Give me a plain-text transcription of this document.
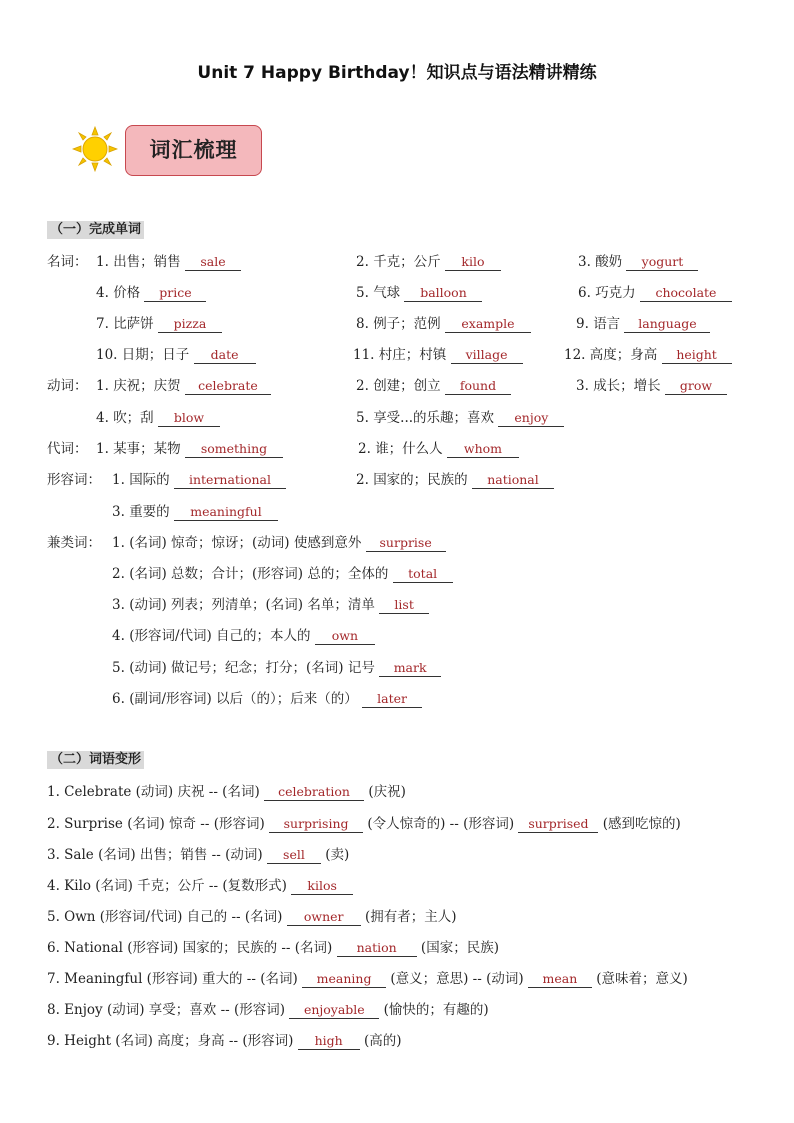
Unit 7 Happy Birthday！知识点与语法精讲精练
词汇梳理
（一）完成单词
名词： 1. 出售；销售 sale	2. 千克；公斤 kilo	3. 酸奶 yogurt
4. 价格 price	5. 气球 balloon	6. 巧克力 chocolate
7. 比萨饼 pizza	8. 例子；范例 example	9. 语言 language
10. 日期；日子 date	11. 村庄；村镇 village	12. 高度；身高 height
动词： 1. 庆祝；庆贺 celebrate	2. 创建；创立 found	3. 成长；增长 grow
4. 吹；刮 blow	5. 享受...的乐趣；喜欢 enjoy
代词： 1. 某事；某物 something	2. 谁；什么人 whom
形容词： 1. 国际的 international	2. 国家的；民族的 national
3. 重要的 meaningful
兼类词： 1. (名词) 惊奇；惊讶；(动词) 使感到意外 surprise
2. (名词) 总数；合计；(形容词) 总的；全体的 total
3. (动词) 列表；列清单；(名词) 名单；清单 list
4. (形容词/代词) 自己的；本人的 own
5. (动词) 做记号；纪念；打分；(名词) 记号 mark
6. (副词/形容词) 以后（的）；后来（的） later
（二）词语变形
1. Celebrate (动词) 庆祝 -- (名词) celebration (庆祝)
2. Surprise (名词) 惊奇 -- (形容词) surprising (令人惊奇的) -- (形容词) surprised (感到吃惊的)
3. Sale (名词) 出售；销售 -- (动词) sell (卖)
4. Kilo (名词) 千克；公斤 -- (复数形式) kilos
5. Own (形容词/代词) 自己的 -- (名词) owner (拥有者；主人)
6. National (形容词) 国家的；民族的 -- (名词) nation (国家；民族)
7. Meaningful (形容词) 重大的 -- (名词) meaning (意义；意思) -- (动词) mean (意味着；意义)
8. Enjoy (动词) 享受；喜欢 -- (形容词) enjoyable (愉快的；有趣的)
9. Height (名词) 高度；身高 -- (形容词) high (高的)
